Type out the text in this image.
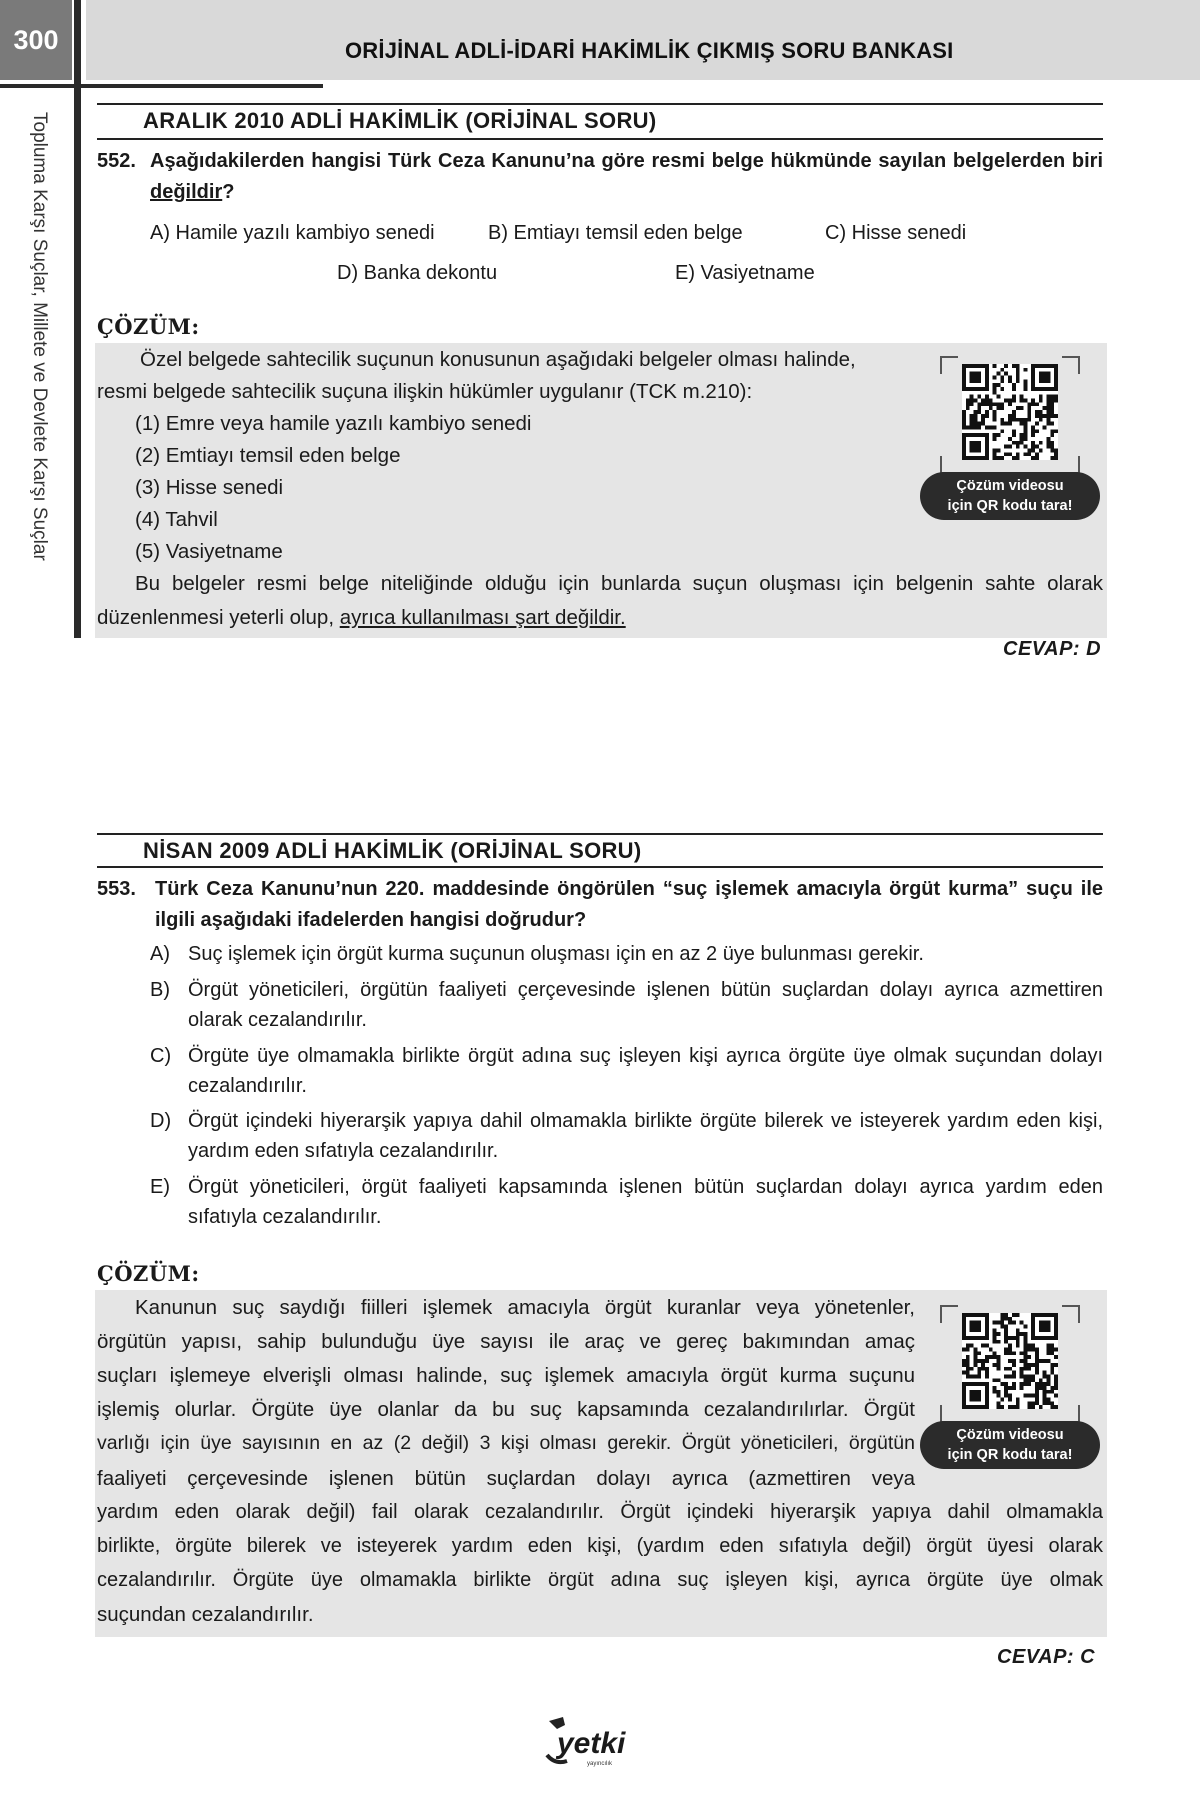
300	ORİJİNAL ADLİ-İDARİ HAKİMLİK ÇIKMIŞ SORU BANKASI
Topluma Karşı Suçlar, Millete ve Devlete Karşı Suçlar	ARALIK 2010 ADLİ HAKİMLİK (ORİJİNAL SORU)
552. Aşağıdakilerden hangisi Türk Ceza Kanunu’na göre resmi belge hükmünde sayılan belgelerden biri değildir?
A) Hamile yazılı kambiyo senedi	B) Emtiayı temsil eden belge	C) Hisse senedi
D) Banka dekontu	E) Vasiyetname
ÇÖZÜM:
Özel belgede sahtecilik suçunun konusunun aşağıdaki belgeler olması halinde,
resmi belgede sahtecilik suçuna ilişkin hükümler uygulanır (TCK m.210):
(1) Emre veya hamile yazılı kambiyo senedi
(2) Emtiayı temsil eden belge
(3) Hisse senedi
(4) Tahvil
(5) Vasiyetname
Bu belgeler resmi belge niteliğinde olduğu için bunlarda suçun oluşması için belgenin sahte olarak
düzenlenmesi yeterli olup, ayrıca kullanılması şart değildir.
Çözüm videosu
için QR kodu tara!
CEVAP: D
NİSAN 2009 ADLİ HAKİMLİK (ORİJİNAL SORU)
553. Türk Ceza Kanunu’nun 220. maddesinde öngörülen “suç işlemek amacıyla örgüt kurma” suçu ile ilgili aşağıdaki ifadelerden hangisi doğrudur?
A) Suç işlemek için örgüt kurma suçunun oluşması için en az 2 üye bulunması gerekir.
B) Örgüt yöneticileri, örgütün faaliyeti çerçevesinde işlenen bütün suçlardan dolayı ayrıca azmettiren olarak cezalandırılır.
C) Örgüte üye olmamakla birlikte örgüt adına suç işleyen kişi ayrıca örgüte üye olmak suçundan dolayı cezalandırılır.
D) Örgüt içindeki hiyerarşik yapıya dahil olmamakla birlikte örgüte bilerek ve isteyerek yardım eden kişi, yardım eden sıfatıyla cezalandırılır.
E) Örgüt yöneticileri, örgüt faaliyeti kapsamında işlenen bütün suçlardan dolayı ayrıca yardım eden sıfatıyla cezalandırılır.
ÇÖZÜM:
Kanunun suç saydığı fiilleri işlemek amacıyla örgüt kuranlar veya yönetenler,
örgütün yapısı, sahip bulunduğu üye sayısı ile araç ve gereç bakımından amaç
suçları işlemeye elverişli olması halinde, suç işlemek amacıyla örgüt kurma suçunu
işlemiş olurlar. Örgüte üye olanlar da bu suç kapsamında cezalandırılırlar. Örgüt
varlığı için üye sayısının en az (2 değil) 3 kişi olması gerekir. Örgüt yöneticileri, örgütün
faaliyeti çerçevesinde işlenen bütün suçlardan dolayı ayrıca (azmettiren veya
yardım eden olarak değil) fail olarak cezalandırılır. Örgüt içindeki hiyerarşik yapıya dahil olmamakla
birlikte, örgüte bilerek ve isteyerek yardım eden kişi, (yardım eden sıfatıyla değil) örgüt üyesi olarak
cezalandırılır. Örgüte üye olmamakla birlikte örgüt adına suç işleyen kişi, ayrıca örgüte üye olmak
suçundan cezalandırılır.
Çözüm videosu
için QR kodu tara!
CEVAP: C
yetki
yayıncılık
